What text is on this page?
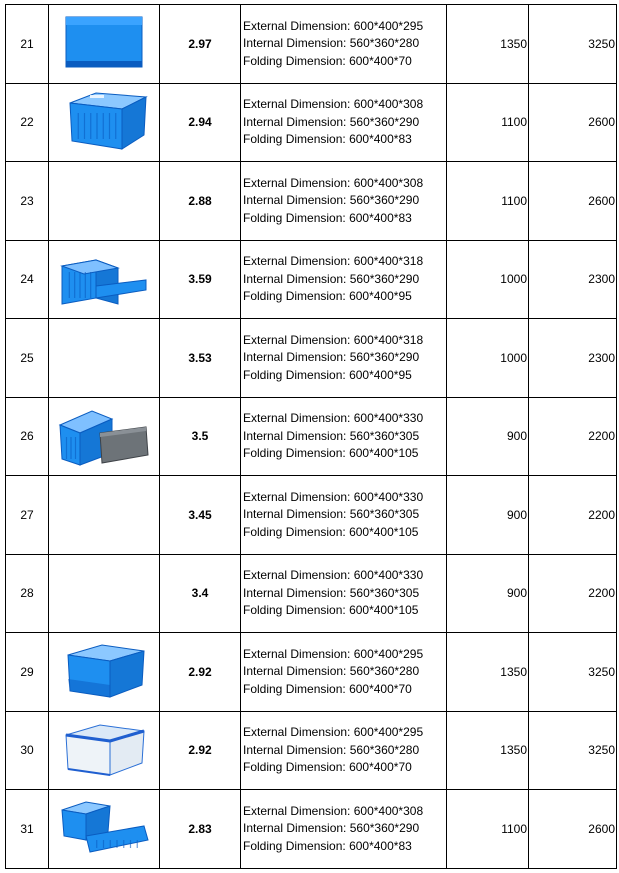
21		2.97	External Dimension: 600*400*295
Internal Dimension: 560*360*280
Folding Dimension: 600*400*70	1350	3250
22		2.94	External Dimension: 600*400*308
Internal Dimension: 560*360*290
Folding Dimension: 600*400*83	1100	2600
23		2.88	External Dimension: 600*400*308
Internal Dimension: 560*360*290
Folding Dimension: 600*400*83	1100	2600
24		3.59	External Dimension: 600*400*318
Internal Dimension: 560*360*290
Folding Dimension: 600*400*95	1000	2300
25		3.53	External Dimension: 600*400*318
Internal Dimension: 560*360*290
Folding Dimension: 600*400*95	1000	2300
26		3.5	External Dimension: 600*400*330
Internal Dimension: 560*360*305
Folding Dimension: 600*400*105	900	2200
27		3.45	External Dimension: 600*400*330
Internal Dimension: 560*360*305
Folding Dimension: 600*400*105	900	2200
28		3.4	External Dimension: 600*400*330
Internal Dimension: 560*360*305
Folding Dimension: 600*400*105	900	2200
29		2.92	External Dimension: 600*400*295
Internal Dimension: 560*360*280
Folding Dimension: 600*400*70	1350	3250
30		2.92	External Dimension: 600*400*295
Internal Dimension: 560*360*280
Folding Dimension: 600*400*70	1350	3250
31		2.83	External Dimension: 600*400*308
Internal Dimension: 560*360*290
Folding Dimension: 600*400*83	1100	2600
